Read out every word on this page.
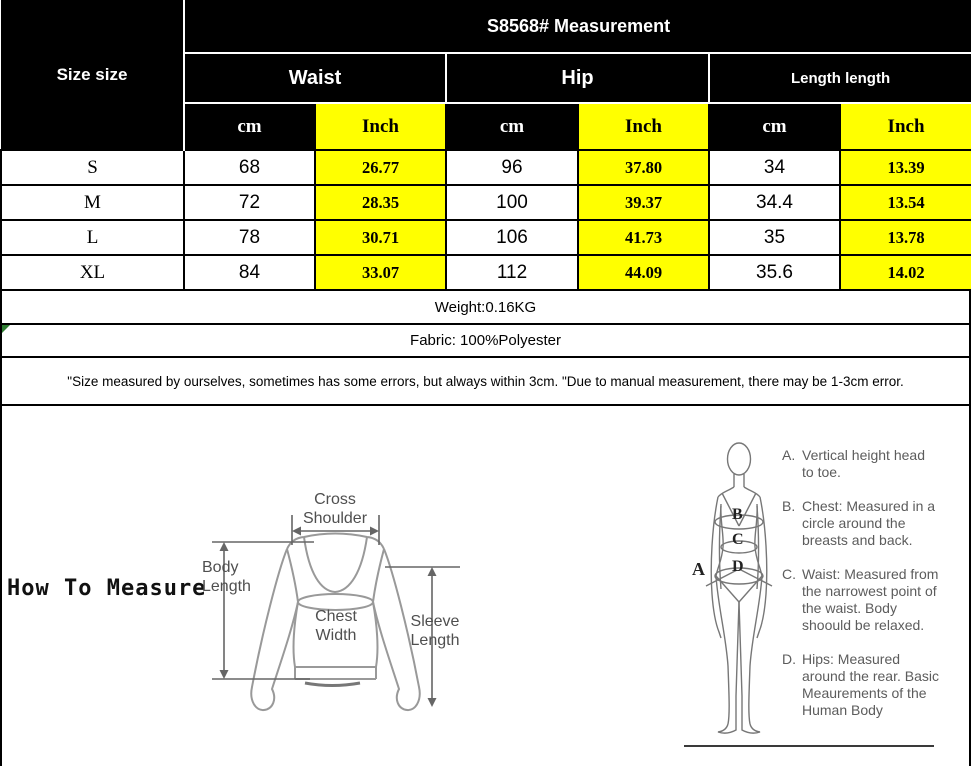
Size size	S8568# Measurement					
	Waist		Hip		Length length	
	cm	Inch	cm	Inch	cm	Inch
S	68	26.77	96	37.80	34	13.39
M	72	28.35	100	39.37	34.4	13.54
L	78	30.71	106	41.73	35	13.78
XL	84	33.07	112	44.09	35.6	14.02
Weight:0.16KG
Fabric: 100%Polyester
"Size measured by ourselves, sometimes has some errors, but always within 3cm. "Due to manual measurement, there may be 1-3cm error.
How To Measure
Cross Shoulder
Body Length
Chest Width
Sleeve Length
A
B
C
D
A. Vertical height head to toe.
B. Chest: Measured in a circle around the breasts and back.
C. Waist: Measured from the narrowest point of the waist. Body shoould be relaxed.
D. Hips: Measured around the rear. Basic Meaurements of the Human Body
